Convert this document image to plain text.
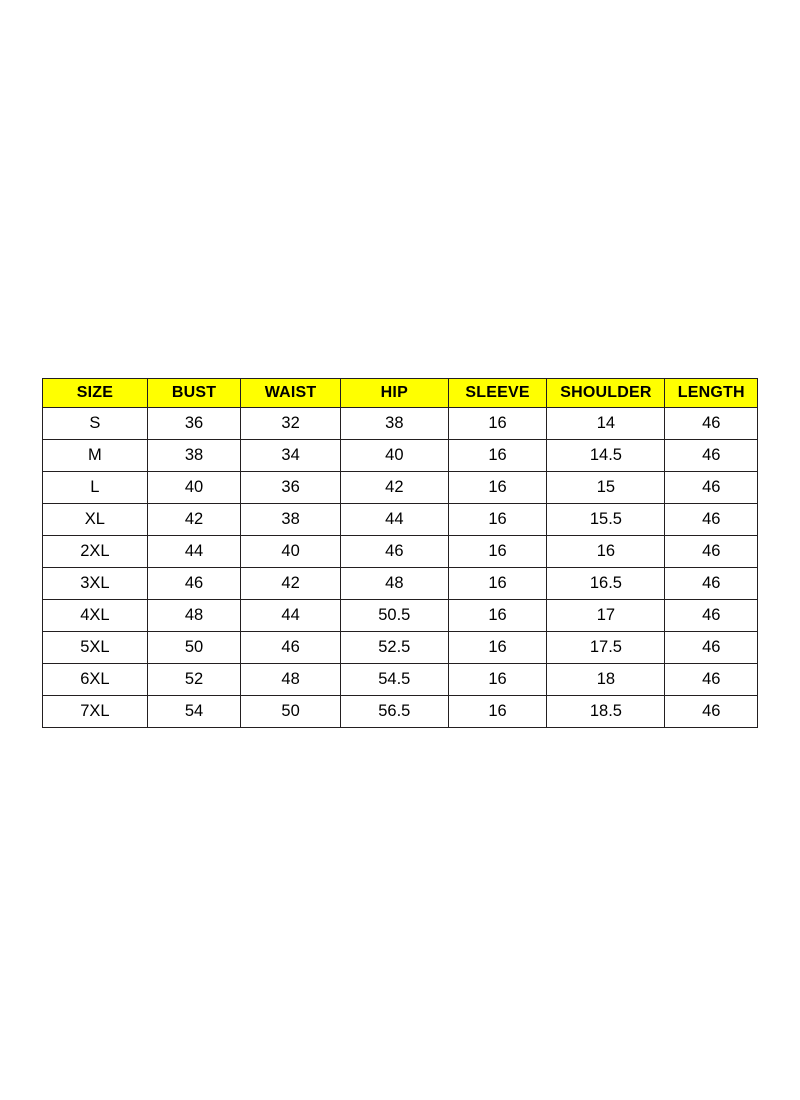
SIZE	BUST	WAIST	HIP	SLEEVE	SHOULDER	LENGTH
S	36	32	38	16	14	46
M	38	34	40	16	14.5	46
L	40	36	42	16	15	46
XL	42	38	44	16	15.5	46
2XL	44	40	46	16	16	46
3XL	46	42	48	16	16.5	46
4XL	48	44	50.5	16	17	46
5XL	50	46	52.5	16	17.5	46
6XL	52	48	54.5	16	18	46
7XL	54	50	56.5	16	18.5	46
